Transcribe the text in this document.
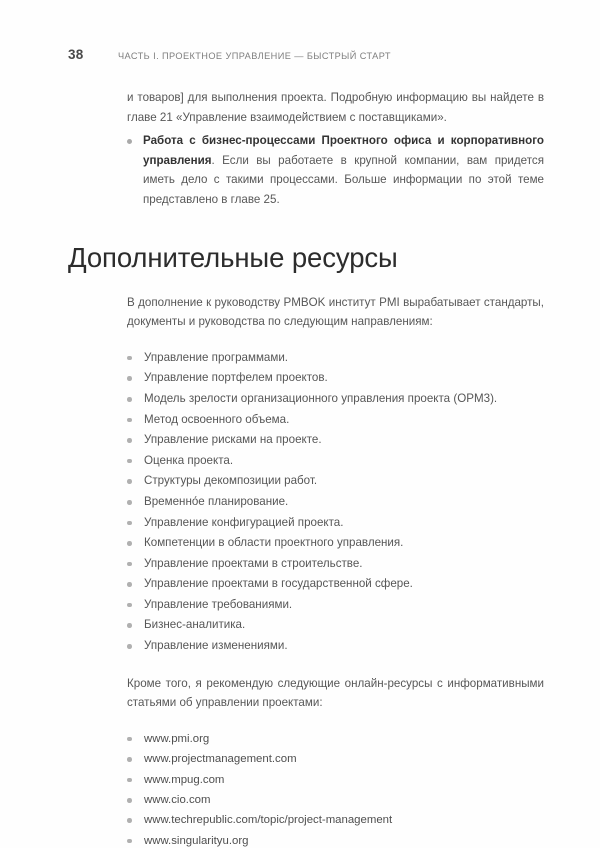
38	ЧАСТЬ I. ПРОЕКТНОЕ УПРАВЛЕНИЕ — БЫСТРЫЙ СТАРТ

и товаров] для выполнения проекта. Подробную информацию вы найдете в главе 21 «Управление взаимодействием с поставщиками».

Работа с бизнес-процессами Проектного офиса и корпоративного управления. Если вы работаете в крупной компании, вам придется иметь дело с такими процессами. Больше информации по этой теме представлено в главе 25.
Дополнительные ресурсы

В дополнение к руководству PMBOK институт PMI вырабатывает стандарты, документы и руководства по следующим направлениям:

Управление программами.
Управление портфелем проектов.
Модель зрелости организационного управления проекта (OPM3).
Метод освоенного объема.
Управление рисками на проекте.
Оценка проекта.
Структуры декомпозиции работ.
Временно́е планирование.
Управление конфигурацией проекта.
Компетенции в области проектного управления.
Управление проектами в строительстве.
Управление проектами в государственной сфере.
Управление требованиями.
Бизнес-аналитика.
Управление изменениями.

Кроме того, я рекомендую следующие онлайн-ресурсы с информативными статьями об управлении проектами:

www.pmi.org
www.projectmanagement.com
www.mpug.com
www.cio.com
www.techrepublic.com/topic/project-management
www.singularityu.org
